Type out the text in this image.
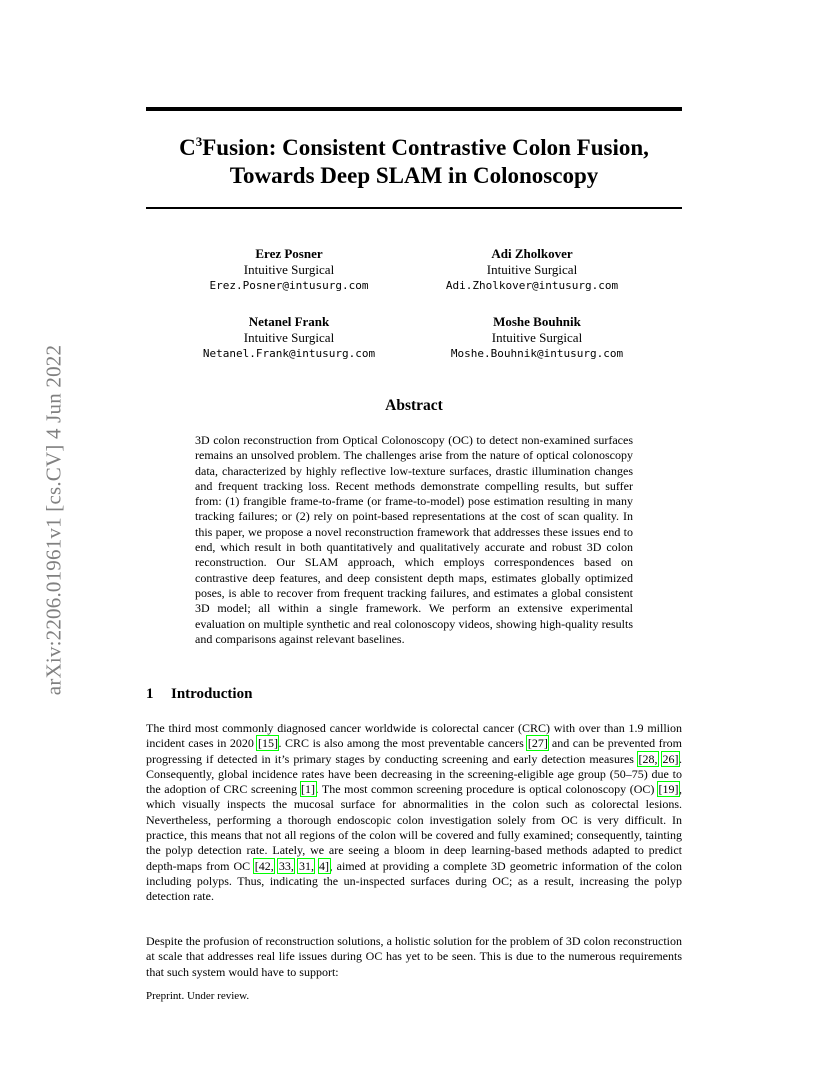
$C^3Fusion$: Consistent Contrastive Colon Fusion,
Towards Deep SLAM in Colonoscopy
arXiv:2206.01961v1 [cs.CV] 4 Jun 2022
Erez Posner
Intuitive Surgical
Erez.Posner@intusurg.com
Adi Zholkover
Intuitive Surgical
Adi.Zholkover@intusurg.com
Netanel Frank
Intuitive Surgical
Netanel.Frank@intusurg.com
Moshe Bouhnik
Intuitive Surgical
Moshe.Bouhnik@intusurg.com
Abstract
3D colon reconstruction from Optical Colonoscopy (OC) to detect non-examined surfaces remains an unsolved problem. The challenges arise from the nature of optical colonoscopy data, characterized by highly reflective low-texture surfaces, drastic illumination changes and frequent tracking loss. Recent methods demonstrate compelling results, but suffer from: (1) frangible frame-to-frame (or frame-to-model) pose estimation resulting in many tracking failures; or (2) rely on point-based representations at the cost of scan quality. In this paper, we propose a novel reconstruction framework that addresses these issues end to end, which result in both quantitatively and qualitatively accurate and robust 3D colon reconstruction. Our SLAM approach, which employs correspondences based on contrastive deep features, and deep consistent depth maps, estimates globally optimized poses, is able to recover from frequent tracking failures, and estimates a global consistent 3D model; all within a single framework. We perform an extensive experimental evaluation on multiple synthetic and real colonoscopy videos, showing high-quality results and comparisons against relevant baselines.
1 Introduction
The third most commonly diagnosed cancer worldwide is colorectal cancer (CRC) with over than 1.9 million incident cases in 2020 [15]. CRC is also among the most preventable cancers [27] and can be prevented from progressing if detected in it’s primary stages by conducting screening and early detection measures [28, 26]. Consequently, global incidence rates have been decreasing in the screening-eligible age group (50–75) due to the adoption of CRC screening [1]. The most common screening procedure is optical colonoscopy (OC) [19], which visually inspects the mucosal surface for abnormalities in the colon such as colorectal lesions. Nevertheless, performing a thorough endoscopic colon investigation solely from OC is very difficult. In practice, this means that not all regions of the colon will be covered and fully examined; consequently, tainting the polyp detection rate. Lately, we are seeing a bloom in deep learning-based methods adapted to predict depth-maps from OC [42, 33, 31, 4], aimed at providing a complete 3D geometric information of the colon including polyps. Thus, indicating the un-inspected surfaces during OC; as a result, increasing the polyp detection rate.
Despite the profusion of reconstruction solutions, a holistic solution for the problem of 3D colon reconstruction at scale that addresses real life issues during OC has yet to be seen. This is due to the numerous requirements that such system would have to support:
Preprint. Under review.
